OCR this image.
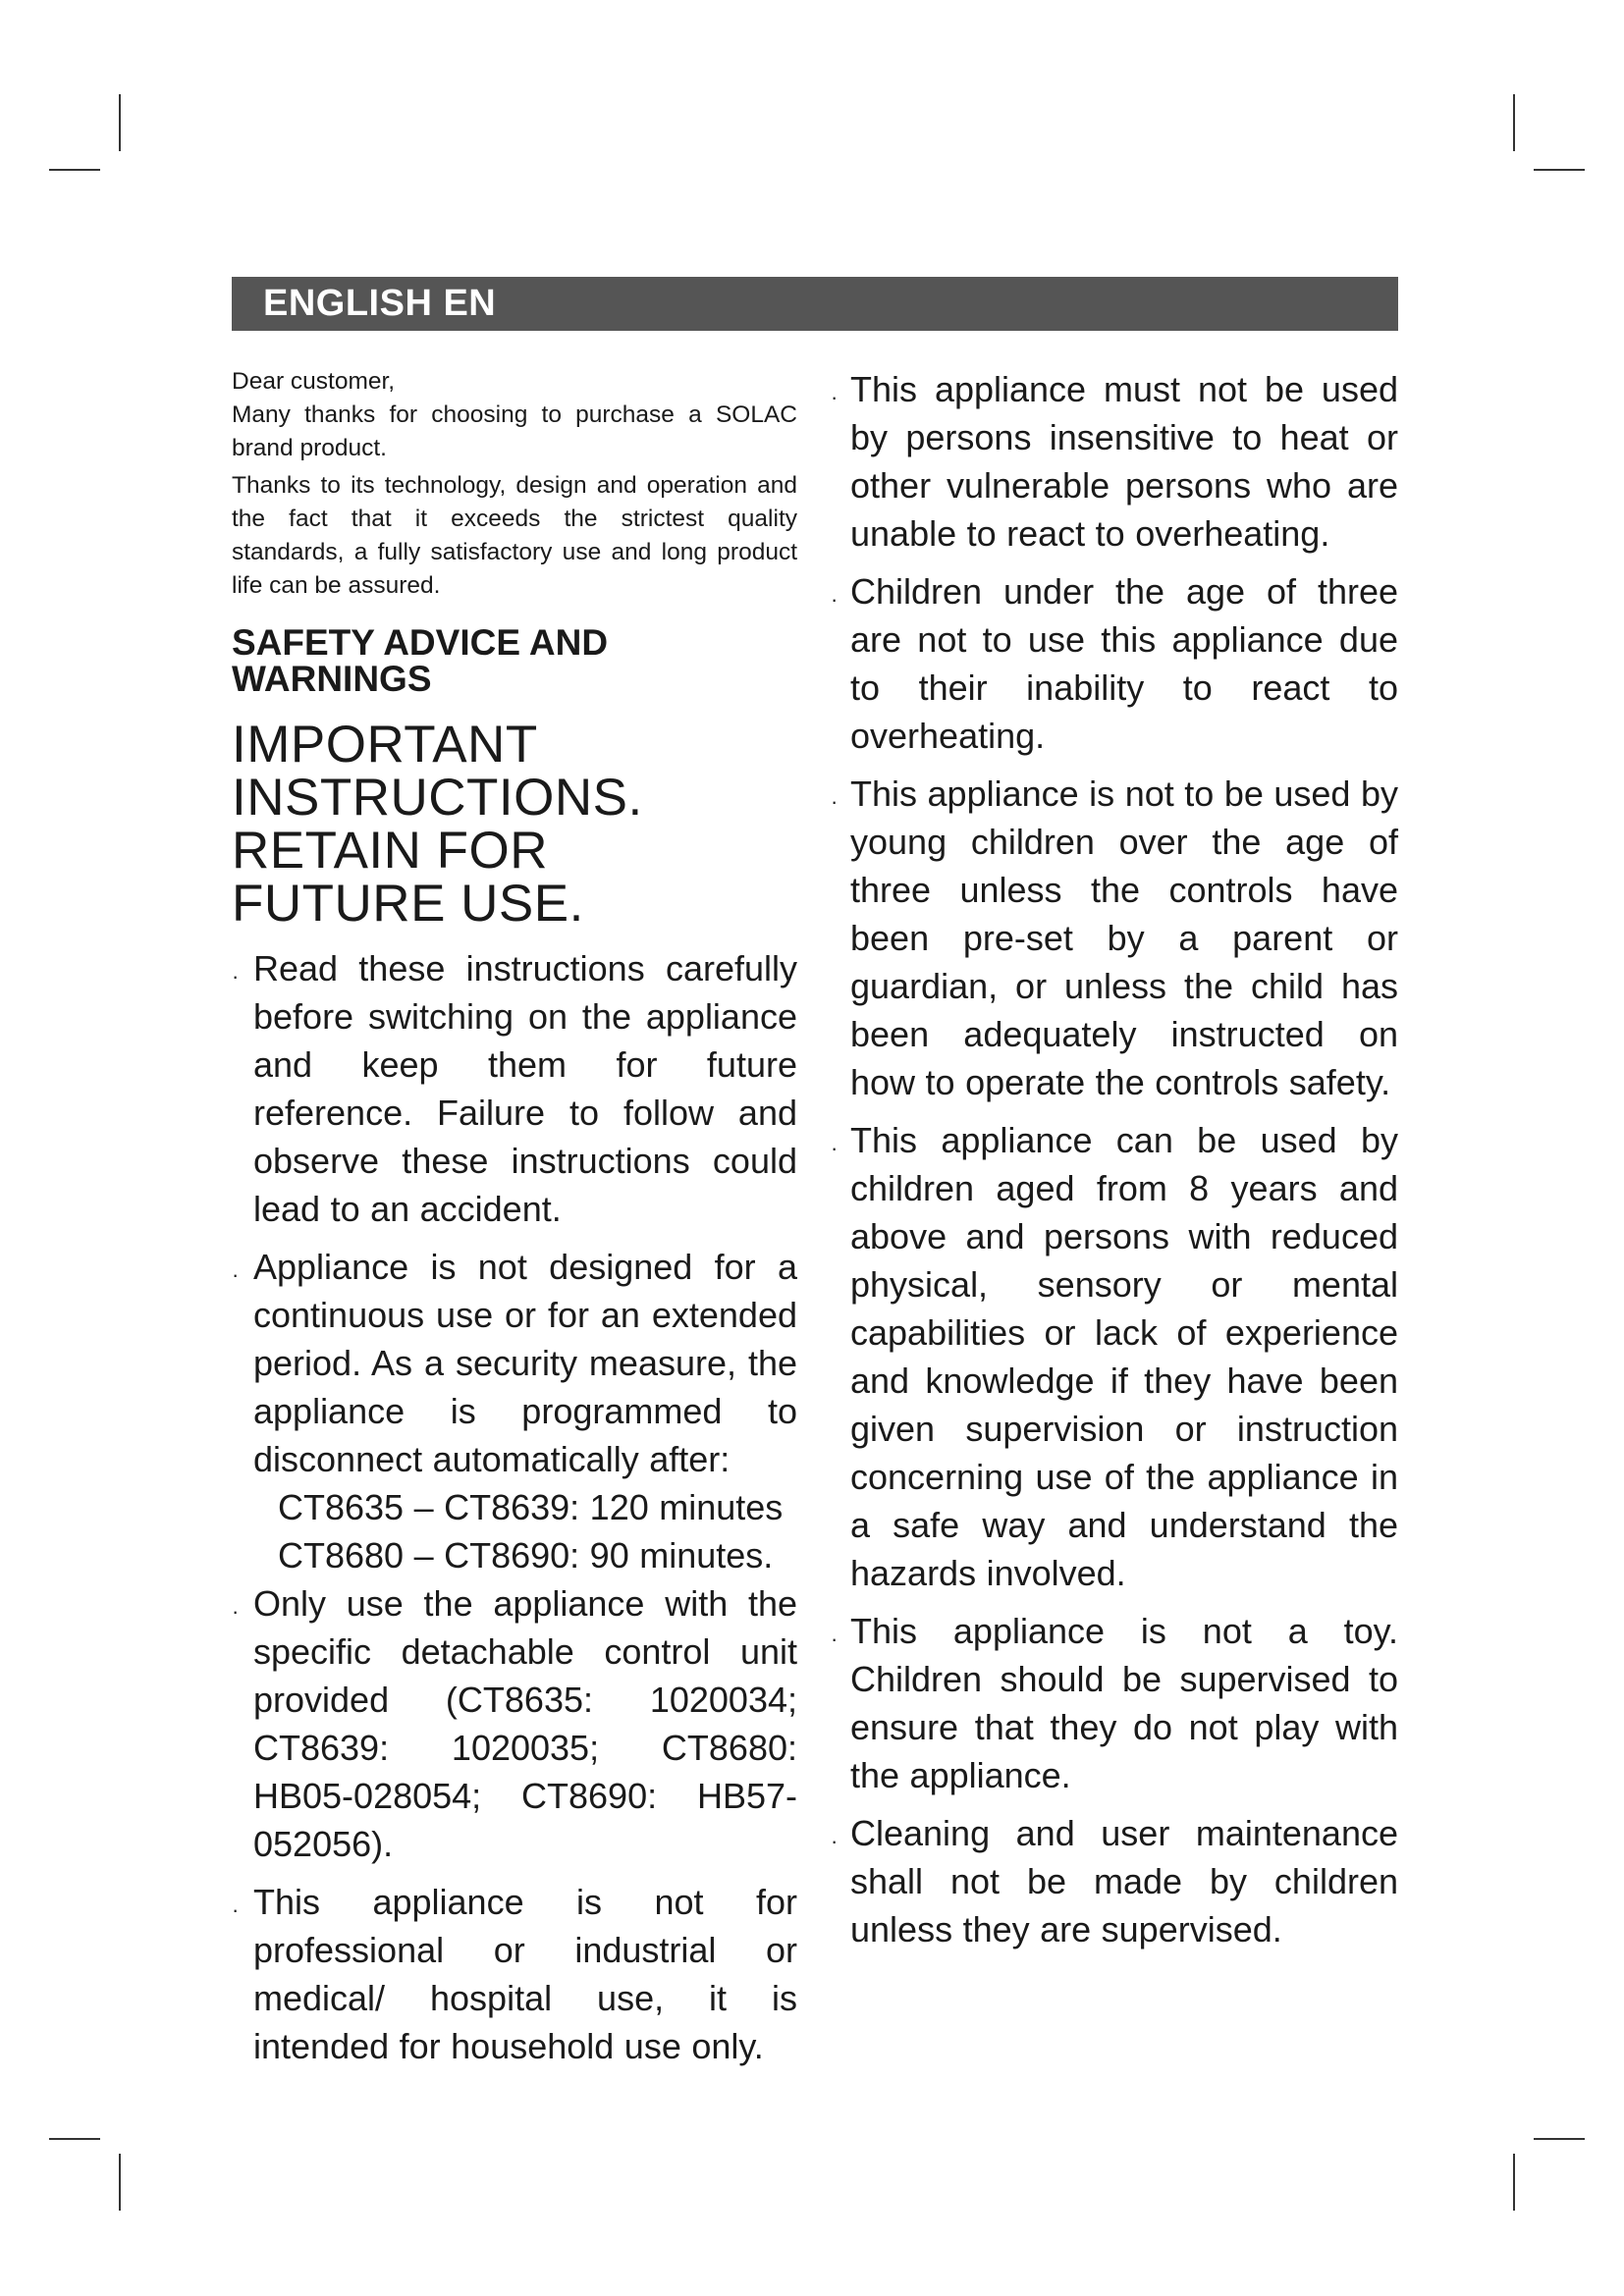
ENGLISH EN

Dear customer,

Many thanks for choosing to purchase a SOLAC brand product.

Thanks to its technology, design and operation and the fact that it exceeds the strictest quality standards, a fully satisfactory use and long product life can be assured.

SAFETY ADVICE AND WARNINGS
IMPORTANT
INSTRUCTIONS.
RETAIN FOR
FUTURE USE.
· Read these instructions carefully before switching on the appliance and keep them for future reference. Failure to follow and observe these instructions could lead to an accident.
· Appliance is not designed for a continuous use or for an extended period. As a security measure, the appliance is programmed to disconnect automatically after:
CT8635 – CT8639: 120 minutes
CT8680 – CT8690: 90 minutes.
· Only use the appliance with the specific detachable control unit provided (CT8635: 1020034; CT8639: 1020035; CT8680: HB05-028054; CT8690: HB57-052056).
· This appliance is not for professional or industrial or medical/ hospital use, it is intended for household use only.
· This appliance must not be used by persons insensitive to heat or other vulnerable persons who are unable to react to overheating.
· Children under the age of three are not to use this appliance due to their inability to react to overheating.
· This appliance is not to be used by young children over the age of three unless the controls have been pre-set by a parent or guardian, or unless the child has been adequately instructed on how to operate the controls safety.
· This appliance can be used by children aged from 8 years and above and persons with reduced physical, sensory or mental capabilities or lack of experience and knowledge if they have been given supervision or instruction concerning use of the appliance in a safe way and understand the hazards involved.
· This appliance is not a toy. Children should be supervised to ensure that they do not play with the appliance.
· Cleaning and user maintenance shall not be made by children unless they are supervised.
